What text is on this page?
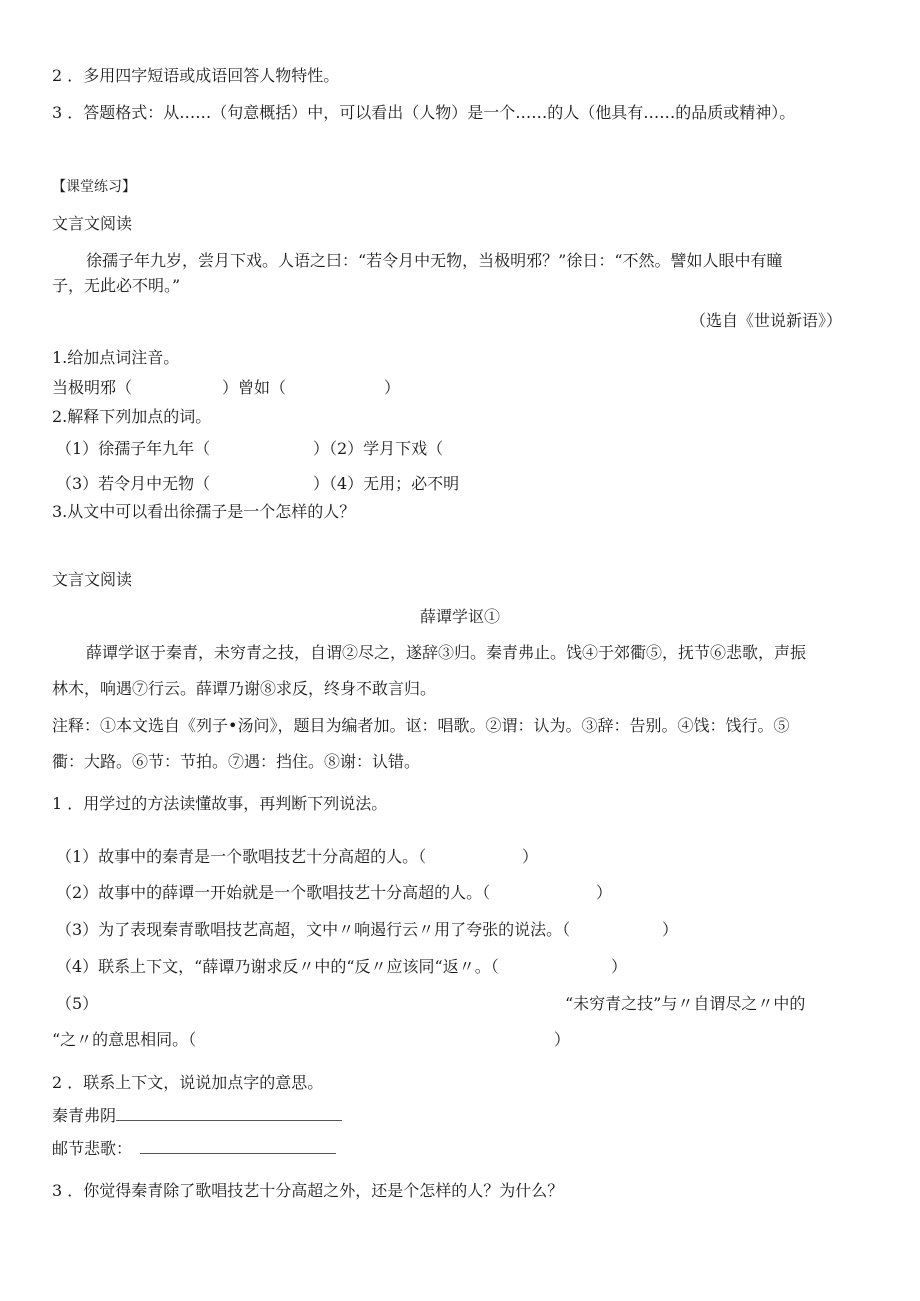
2 ．多用四字短语或成语回答人物特性。
3 ．答题格式：从……（句意概括）中，可以看出（人物）是一个……的人（他具有……的品质或精神）。
【课堂练习】
文言文阅读
徐孺子年九岁，尝月下戏。人语之曰：“若令月中无物，当极明邪？”徐日：“不然。譬如人眼中有瞳
子，无此必不明。”
（选自《世说新语》）
1.给加点词注音。
当极明邪（	）曾如（	）
2.解释下列加点的词。
（1）徐孺子年九年（	）（2）学月下戏（
（3）若令月中无物（	）（4）无用；必不明
3.从文中可以看出徐孺子是一个怎样的人？
文言文阅读
薛谭学讴①
薛谭学讴于秦青，未穷青之技，自谓②尽之，遂辞③归。秦青弗止。饯④于郊衢⑤，抚节⑥悲歌，声振
林木，响遇⑦行云。薛谭乃谢⑧求反，终身不敢言归。
注释：①本文选自《列子•汤问》，题目为编者加。讴：唱歌。②谓：认为。③辞：告别。④饯：饯行。⑤
衢：大路。⑥节：节拍。⑦遇：挡住。⑧谢：认错。
1 ．用学过的方法读懂故事，再判断下列说法。
（1）故事中的秦青是一个歌唱技艺十分高超的人。（	）
（2）故事中的薛谭一开始就是一个歌唱技艺十分高超的人。（	）
（3）为了表现秦青歌唱技艺高超，文中〃响遏行云〃用了夸张的说法。（	）
（4）联系上下文，“薛谭乃谢求反〃中的“反〃应该同“返〃。（	）
（5）	“未穷青之技”与〃自谓尽之〃中的
“之〃的意思相同。（	）
2 ．联系上下文，说说加点字的意思。
秦青弗阴
邮节悲歌：
3 ．你觉得秦青除了歌唱技艺十分高超之外，还是个怎样的人？为什么？
